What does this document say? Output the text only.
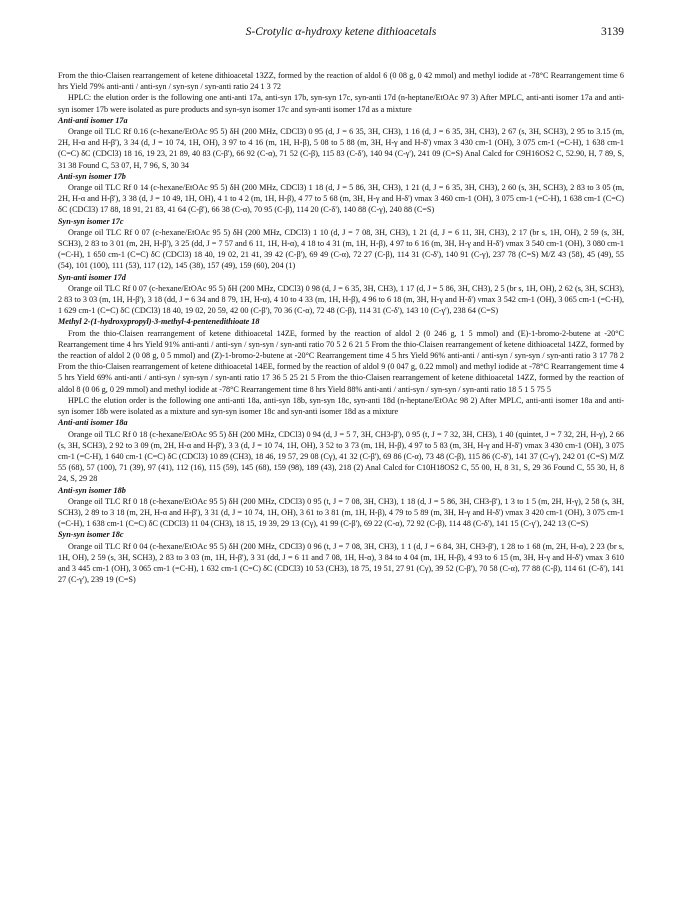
S-Crotylic α-hydroxy ketene dithioacetals	3139

From the thio-Claisen rearrangement of ketene dithioacetal 13ZZ, formed by the reaction of aldol 6 (0 08 g, 0 42 mmol) and methyl iodide at -78°C Rearrangement time 6 hrs Yield 79% anti-anti / anti-syn / syn-syn / syn-anti ratio 24 1 3 72

HPLC: the elution order is the following one anti-anti 17a, anti-syn 17b, syn-syn 17c, syn-anti 17d (n-heptane/EtOAc 97 3) After MPLC, anti-anti isomer 17a and anti-syn isomer 17b were isolated as pure products and syn-syn isomer 17c and syn-anti isomer 17d as a mixture

Anti-anti isomer 17a

Orange oil TLC Rf 0.16 (c-hexane/EtOAc 95 5) δH (200 MHz, CDCl3) 0 95 (d, J = 6 35, 3H, CH3), 1 16 (d, J = 6 35, 3H, CH3), 2 67 (s, 3H, SCH3), 2 95 to 3.15 (m, 2H, H-α and H-β'), 3 34 (d, J = 10 74, 1H, OH), 3 97 to 4 16 (m, 1H, H-β), 5 08 to 5 88 (m, 3H, H-γ and H-δ') νmax 3 430 cm-1 (OH), 3 075 cm-1 (=C-H), 1 638 cm-1 (C=C) δC (CDCl3) 18 16, 19 23, 21 89, 40 83 (C-β'), 66 92 (C-α), 71 52 (C-β), 115 83 (C-δ'), 140 94 (C-γ'), 241 09 (C=S) Anal Calcd for C9H16OS2 C, 52.90, H, 7 89, S, 31 38 Found C, 53 07, H, 7 96, S, 30 34

Anti-syn isomer 17b

Orange oil TLC Rf 0 14 (c-hexane/EtOAc 95 5) δH (200 MHz, CDCl3) 1 18 (d, J = 5 86, 3H, CH3), 1 21 (d, J = 6 35, 3H, CH3), 2 60 (s, 3H, SCH3), 2 83 to 3 05 (m, 2H, H-α and H-β'), 3 38 (d, J = 10 49, 1H, OH), 4 1 to 4 2 (m, 1H, H-β), 4 77 to 5 68 (m, 3H, H-γ and H-δ') νmax 3 460 cm-1 (OH), 3 075 cm-1 (=C-H), 1 638 cm-1 (C=C) δC (CDCl3) 17 88, 18 91, 21 83, 41 64 (C-β'), 66 38 (C-α), 70 95 (C-β), 114 20 (C-δ'), 140 88 (C-γ), 240 88 (C=S)

Syn-syn isomer 17c

Orange oil TLC Rf 0 07 (c-hexane/EtOAc 95 5) δH (200 MHz, CDCl3) 1 10 (d, J = 7 08, 3H, CH3), 1 21 (d, J = 6 11, 3H, CH3), 2 17 (br s, 1H, OH), 2 59 (s, 3H, SCH3), 2 83 to 3 01 (m, 2H, H-β'), 3 25 (dd, J = 7 57 and 6 11, 1H, H-α), 4 18 to 4 31 (m, 1H, H-β), 4 97 to 6 16 (m, 3H, H-γ and H-δ') νmax 3 540 cm-1 (OH), 3 080 cm-1 (=C-H), 1 650 cm-1 (C=C) δC (CDCl3) 18 40, 19 02, 21 41, 39 42 (C-β'), 69 49 (C-α), 72 27 (C-β), 114 31 (C-δ'), 140 91 (C-γ), 237 78 (C=S) M/Z 43 (58), 45 (49), 55 (54), 101 (100), 111 (53), 117 (12), 145 (38), 157 (49), 159 (60), 204 (1)

Syn-anti isomer 17d

Orange oil TLC Rf 0 07 (c-hexane/EtOAc 95 5) δH (200 MHz, CDCl3) 0 98 (d, J = 6 35, 3H, CH3), 1 17 (d, J = 5 86, 3H, CH3), 2 5 (br s, 1H, OH), 2 62 (s, 3H, SCH3), 2 83 to 3 03 (m, 1H, H-β'), 3 18 (dd, J = 6 34 and 8 79, 1H, H-α), 4 10 to 4 33 (m, 1H, H-β), 4 96 to 6 18 (m, 3H, H-γ and H-δ') νmax 3 542 cm-1 (OH), 3 065 cm-1 (=C-H), 1 629 cm-1 (C=C) δC (CDCl3) 18 40, 19 02, 20 59, 42 00 (C-β'), 70 36 (C-α), 72 48 (C-β), 114 31 (C-δ'), 143 10 (C-γ'), 238 64 (C=S)

Methyl 2-(1-hydroxypropyl)-3-methyl-4-pentenedithioate 18

From the thio-Claisen rearrangement of ketene dithioacetal 14ZE, formed by the reaction of aldol 2 (0 246 g, 1 5 mmol) and (E)-1-bromo-2-butene at -20°C Rearrangement time 4 hrs Yield 91% anti-anti / anti-syn / syn-syn / syn-anti ratio 70 5 2 6 21 5 From the thio-Claisen rearrangement of ketene dithioacetal 14ZZ, formed by the reaction of aldol 2 (0 08 g, 0 5 mmol) and (Z)-1-bromo-2-butene at -20°C Rearrangement time 4 5 hrs Yield 96% anti-anti / anti-syn / syn-syn / syn-anti ratio 3 17 78 2 From the thio-Claisen rearrangement of ketene dithioacetal 14EE, formed by the reaction of aldol 9 (0 047 g, 0.22 mmol) and methyl iodide at -78°C Rearrangement time 4 5 hrs Yield 69% anti-anti / anti-syn / syn-syn / syn-anti ratio 17 36 5 25 21 5 From the thio-Claisen rearrangement of ketene dithioacetal 14ZZ, formed by the reaction of aldol 8 (0 06 g, 0 29 mmol) and methyl iodide at -78°C Rearrangement time 8 hrs Yield 88% anti-anti / anti-syn / syn-syn / syn-anti ratio 18 5 1 5 75 5

HPLC the elution order is the following one anti-anti 18a, anti-syn 18b, syn-syn 18c, syn-anti 18d (n-heptane/EtOAc 98 2) After MPLC, anti-anti isomer 18a and anti-syn isomer 18b were isolated as a mixture and syn-syn isomer 18c and syn-anti isomer 18d as a mixture

Anti-anti isomer 18a

Orange oil TLC Rf 0 18 (c-hexane/EtOAc 95 5) δH (200 MHz, CDCl3) 0 94 (d, J = 5 7, 3H, CH3-β'), 0 95 (t, J = 7 32, 3H, CH3), 1 40 (quintet, J = 7 32, 2H, H-γ), 2 66 (s, 3H, SCH3), 2 92 to 3 09 (m, 2H, H-α and H-β'), 3 3 (d, J = 10 74, 1H, OH), 3 52 to 3 73 (m, 1H, H-β), 4 97 to 5 83 (m, 3H, H-γ and H-δ') νmax 3 430 cm-1 (OH), 3 075 cm-1 (=C-H), 1 640 cm-1 (C=C) δC (CDCl3) 10 89 (CH3), 18 46, 19 57, 29 08 (Cγ), 41 32 (C-β'), 69 86 (C-α), 73 48 (C-β), 115 86 (C-δ'), 141 37 (C-γ'), 242 01 (C=S) M/Z 55 (68), 57 (100), 71 (39), 97 (41), 112 (16), 115 (59), 145 (68), 159 (98), 189 (43), 218 (2) Anal Calcd for C10H18OS2 C, 55 00, H, 8 31, S, 29 36 Found C, 55 30, H, 8 24, S, 29 28

Anti-syn isomer 18b

Orange oil TLC Rf 0 18 (c-hexane/EtOAc 95 5) δH (200 MHz, CDCl3) 0 95 (t, J = 7 08, 3H, CH3), 1 18 (d, J = 5 86, 3H, CH3-β'), 1 3 to 1 5 (m, 2H, H-γ), 2 58 (s, 3H, SCH3), 2 89 to 3 18 (m, 2H, H-α and H-β'), 3 31 (d, J = 10 74, 1H, OH), 3 61 to 3 81 (m, 1H, H-β), 4 79 to 5 89 (m, 3H, H-γ and H-δ') νmax 3 420 cm-1 (OH), 3 075 cm-1 (=C-H), 1 638 cm-1 (C=C) δC (CDCl3) 11 04 (CH3), 18 15, 19 39, 29 13 (Cγ), 41 99 (C-β'), 69 22 (C-α), 72 92 (C-β), 114 48 (C-δ'), 141 15 (C-γ'), 242 13 (C=S)

Syn-syn isomer 18c

Orange oil TLC Rf 0 04 (c-hexane/EtOAc 95 5) δH (200 MHz, CDCl3) 0 96 (t, J = 7 08, 3H, CH3), 1 1 (d, J = 6 84, 3H, CH3-β'), 1 28 to 1 68 (m, 2H, H-α), 2 23 (br s, 1H, OH), 2 59 (s, 3H, SCH3), 2 83 to 3 03 (m, 1H, H-β'), 3 31 (dd, J = 6 11 and 7 08, 1H, H-α), 3 84 to 4 04 (m, 1H, H-β), 4 93 to 6 15 (m, 3H, H-γ and H-δ') νmax 3 610 and 3 445 cm-1 (OH), 3 065 cm-1 (=C-H), 1 632 cm-1 (C=C) δC (CDCl3) 10 53 (CH3), 18 75, 19 51, 27 91 (Cγ), 39 52 (C-β'), 70 58 (C-α), 77 88 (C-β), 114 61 (C-δ'), 141 27 (C-γ'), 239 19 (C=S)
